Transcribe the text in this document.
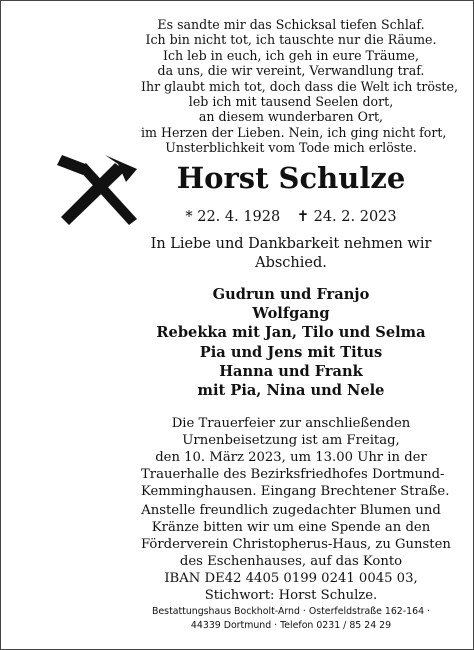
Es sandte mir das Schicksal tiefen Schlaf.
Ich bin nicht tot, ich tauschte nur die Räume.
Ich leb in euch, ich geh in eure Träume,
da uns, die wir vereint, Verwandlung traf.
Ihr glaubt mich tot, doch dass die Welt ich tröste,
leb ich mit tausend Seelen dort,
an diesem wunderbaren Ort,
im Herzen der Lieben. Nein, ich ging nicht fort,
Unsterblichkeit vom Tode mich erlöste.
Horst Schulze
* 22. 4. 1928 ✝ 24. 2. 2023
In Liebe und Dankbarkeit nehmen wir
Abschied.
Gudrun und Franjo
Wolfgang
Rebekka mit Jan, Tilo und Selma
Pia und Jens mit Titus
Hanna und Frank
mit Pia, Nina und Nele
Die Trauerfeier zur anschließenden
Urnenbeisetzung ist am Freitag,
den 10. März 2023, um 13.00 Uhr in der
Trauerhalle des Bezirksfriedhofes Dortmund-
Kemminghausen. Eingang Brechtener Straße.
Anstelle freundlich zugedachter Blumen und
Kränze bitten wir um eine Spende an den
Förderverein Christopherus-Haus, zu Gunsten
des Eschenhauses, auf das Konto
IBAN DE42 4405 0199 0241 0045 03,
Stichwort: Horst Schulze.
Bestattungshaus Bockholt-Arnd · Osterfeldstraße 162-164 ·
44339 Dortmund · Telefon 0231 / 85 24 29
